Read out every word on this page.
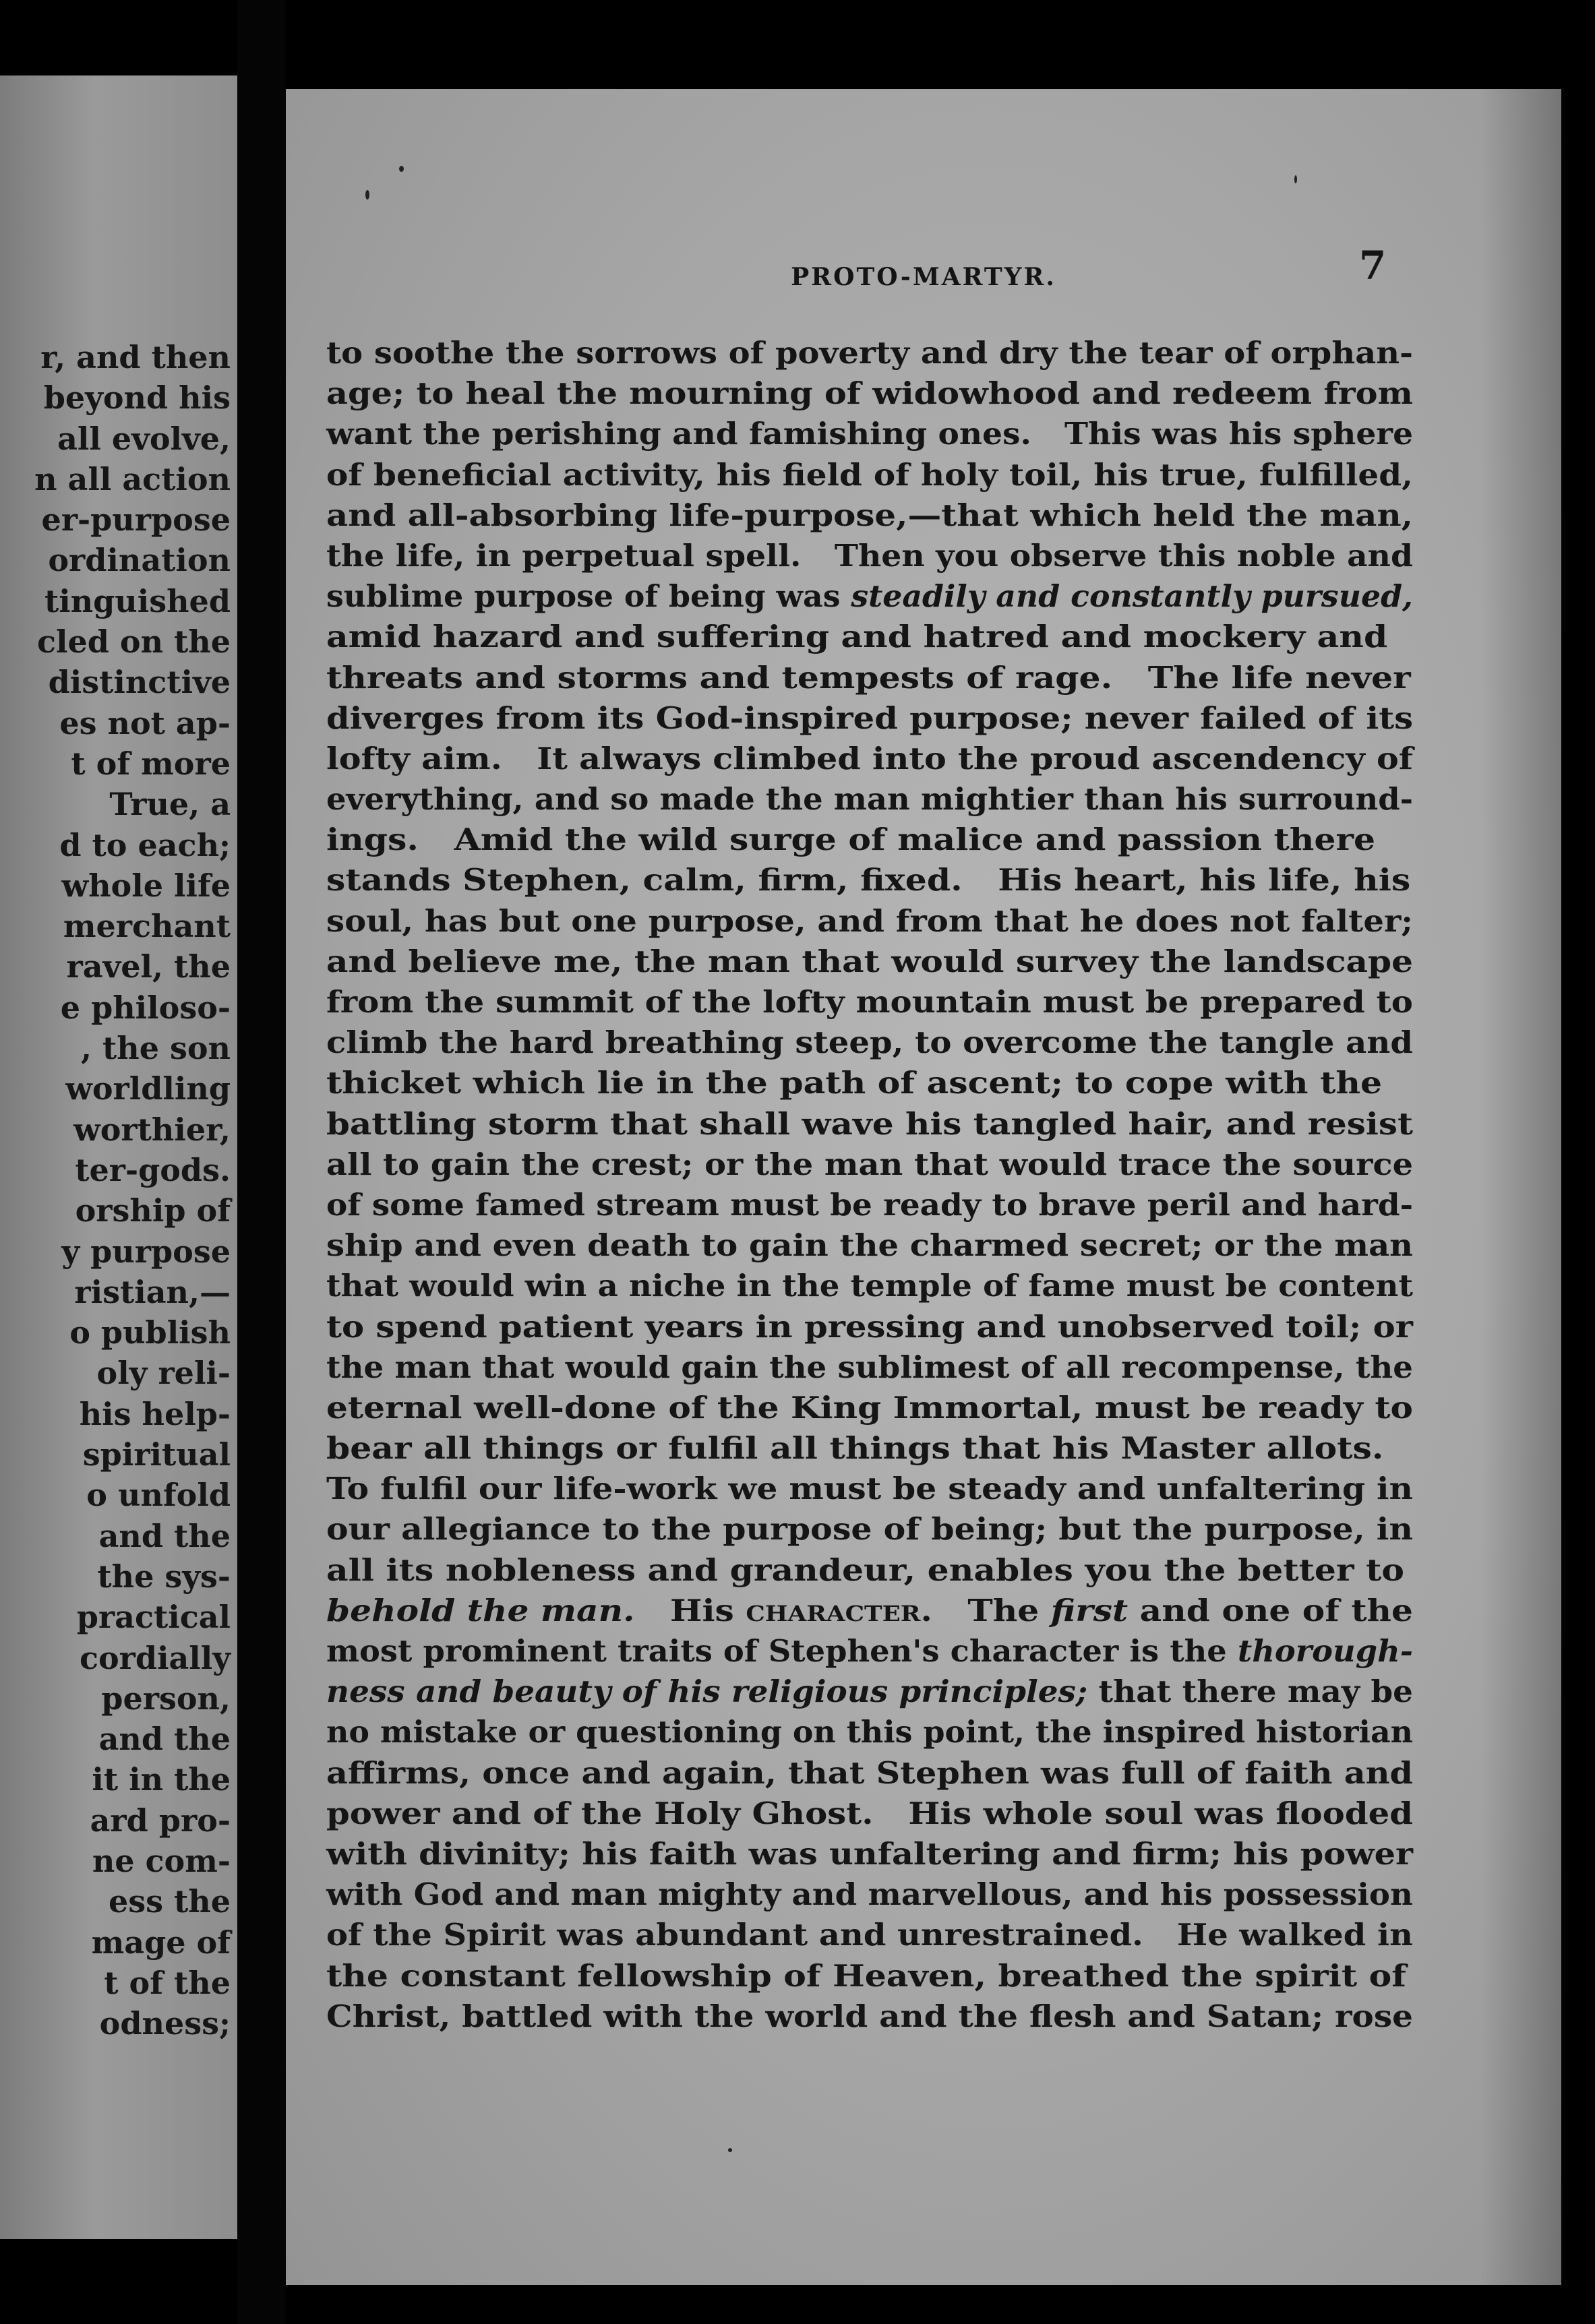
r, and then
beyond his
all evolve,
n all action
er-purpose
ordination
tinguished
cled on the
distinctive
es not ap-
t of more
True, a
d to each;
whole life
merchant
ravel, the
e philoso-
, the son
worldling
worthier,
ter-gods.
orship of
y purpose
ristian,—
o publish
oly reli-
his help-
spiritual
o unfold
and the
the sys-
practical
cordially
person,
and the
it in the
ard pro-
ne com-
ess the
mage of
t of the
odness;
PROTO-MARTYR.	7
to soothe the sorrows of poverty and dry the tear of orphan-
age; to heal the mourning of widowhood and redeem from
want the perishing and famishing ones.   This was his sphere
of beneficial activity, his field of holy toil, his true, fulfilled,
and all-absorbing life-purpose,—that which held the man,
the life, in perpetual spell.   Then you observe this noble and
sublime purpose of being was steadily and constantly pursued,
amid hazard and suffering and hatred and mockery and
threats and storms and tempests of rage.   The life never
diverges from its God-inspired purpose; never failed of its
lofty aim.   It always climbed into the proud ascendency of
everything, and so made the man mightier than his surround-
ings.   Amid the wild surge of malice and passion there
stands Stephen, calm, firm, fixed.   His heart, his life, his
soul, has but one purpose, and from that he does not falter;
and believe me, the man that would survey the landscape
from the summit of the lofty mountain must be prepared to
climb the hard breathing steep, to overcome the tangle and
thicket which lie in the path of ascent; to cope with the
battling storm that shall wave his tangled hair, and resist
all to gain the crest; or the man that would trace the source
of some famed stream must be ready to brave peril and hard-
ship and even death to gain the charmed secret; or the man
that would win a niche in the temple of fame must be content
to spend patient years in pressing and unobserved toil; or
the man that would gain the sublimest of all recompense, the
eternal well-done of the King Immortal, must be ready to
bear all things or fulfil all things that his Master allots.
To fulfil our life-work we must be steady and unfaltering in
our allegiance to the purpose of being; but the purpose, in
all its nobleness and grandeur, enables you the better to
behold the man.   His character.   The first and one of the
most prominent traits of Stephen's character is the thorough-
ness and beauty of his religious principles; that there may be
no mistake or questioning on this point, the inspired historian
affirms, once and again, that Stephen was full of faith and
power and of the Holy Ghost.   His whole soul was flooded
with divinity; his faith was unfaltering and firm; his power
with God and man mighty and marvellous, and his possession
of the Spirit was abundant and unrestrained.   He walked in
the constant fellowship of Heaven, breathed the spirit of
Christ, battled with the world and the flesh and Satan; rose
